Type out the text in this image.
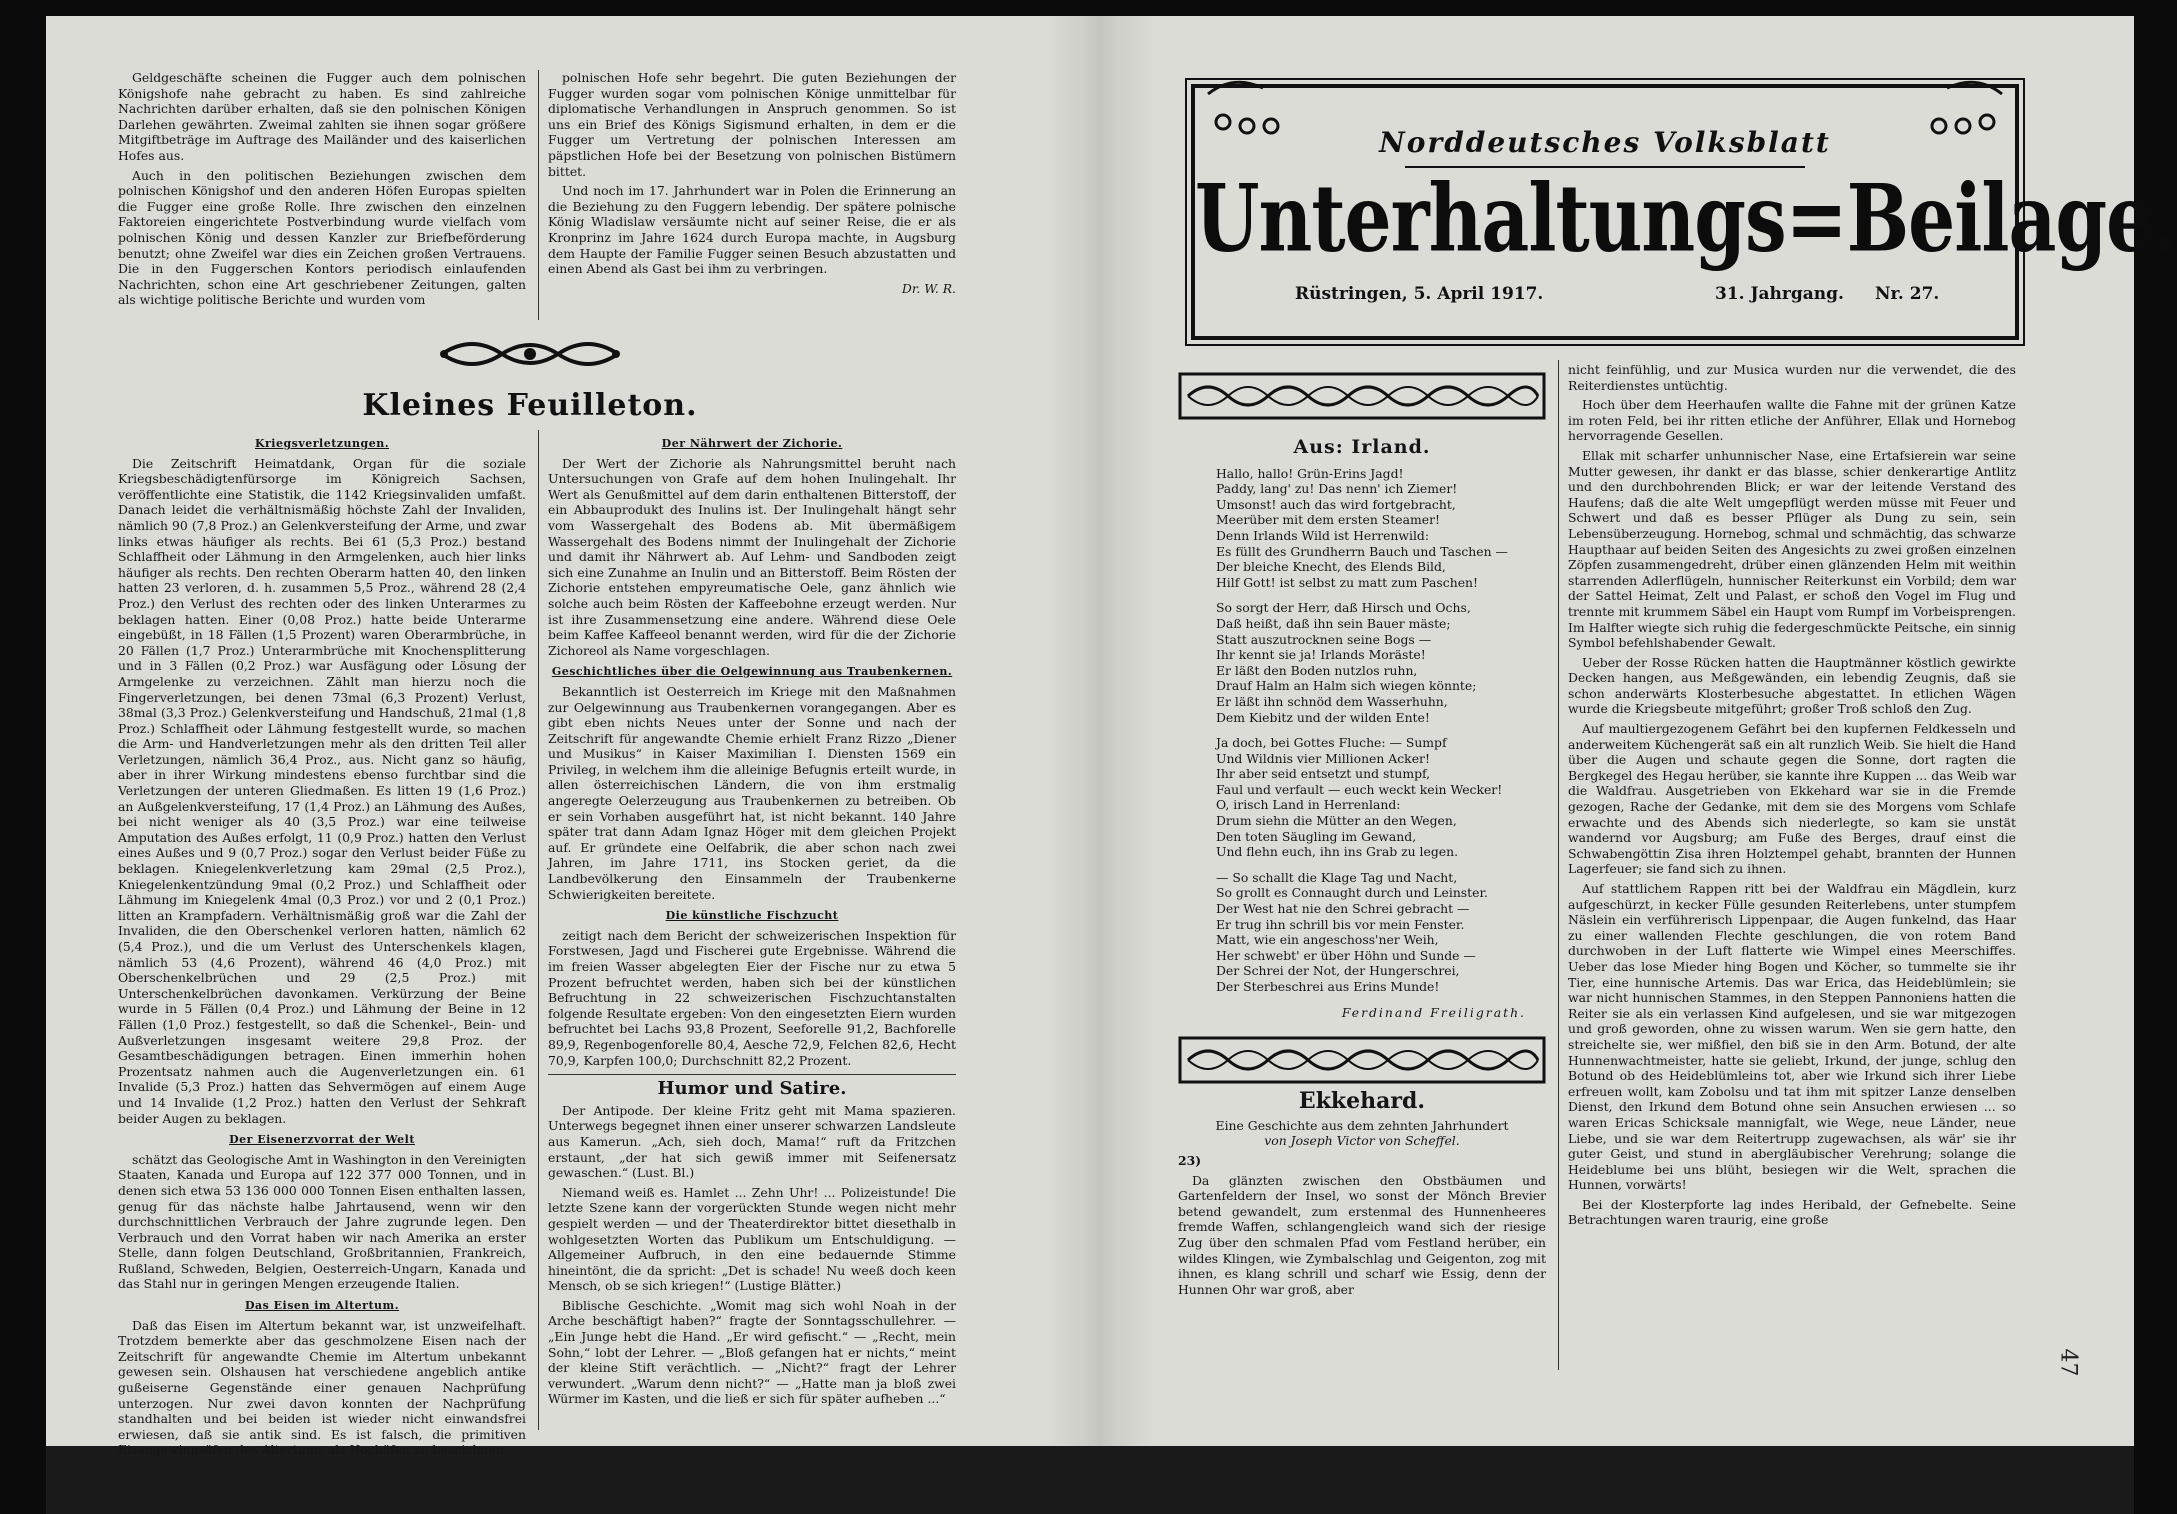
Geldgeschäfte scheinen die Fugger auch dem polnischen Königshofe nahe gebracht zu haben. Es sind zahlreiche Nachrichten darüber erhalten, daß sie den polnischen Königen Darlehen gewährten. Zweimal zahlten sie ihnen sogar größere Mitgiftbeträge im Auftrage des Mailänder und des kaiserlichen Hofes aus.

Auch in den politischen Beziehungen zwischen dem polnischen Königshof und den anderen Höfen Europas spielten die Fugger eine große Rolle. Ihre zwischen den einzelnen Faktoreien eingerichtete Postverbindung wurde vielfach vom polnischen König und dessen Kanzler zur Briefbeförderung benutzt; ohne Zweifel war dies ein Zeichen großen Vertrauens. Die in den Fuggerschen Kontors periodisch einlaufenden Nachrichten, schon eine Art geschriebener Zeitungen, galten als wichtige politische Berichte und wurden vom

polnischen Hofe sehr begehrt. Die guten Beziehungen der Fugger wurden sogar vom polnischen Könige unmittelbar für diplomatische Verhandlungen in Anspruch genommen. So ist uns ein Brief des Königs Sigismund erhalten, in dem er die Fugger um Vertretung der polnischen Interessen am päpstlichen Hofe bei der Besetzung von polnischen Bistümern bittet.

Und noch im 17. Jahrhundert war in Polen die Erinnerung an die Beziehung zu den Fuggern lebendig. Der spätere polnische König Wladislaw versäumte nicht auf seiner Reise, die er als Kronprinz im Jahre 1624 durch Europa machte, in Augsburg dem Haupte der Familie Fugger seinen Besuch abzustatten und einen Abend als Gast bei ihm zu verbringen.

Dr. W. R.
Kleines Feuilleton.
Kriegsverletzungen.

Die Zeitschrift Heimatdank, Organ für die soziale Kriegsbeschädigtenfürsorge im Königreich Sachsen, veröffentlichte eine Statistik, die 1142 Kriegsinvaliden umfaßt. Danach leidet die verhältnismäßig höchste Zahl der Invaliden, nämlich 90 (7,8 Proz.) an Gelenkversteifung der Arme, und zwar links etwas häufiger als rechts. Bei 61 (5,3 Proz.) bestand Schlaffheit oder Lähmung in den Armgelenken, auch hier links häufiger als rechts. Den rechten Oberarm hatten 40, den linken hatten 23 verloren, d. h. zusammen 5,5 Proz., während 28 (2,4 Proz.) den Verlust des rechten oder des linken Unterarmes zu beklagen hatten. Einer (0,08 Proz.) hatte beide Unterarme eingebüßt, in 18 Fällen (1,5 Prozent) waren Oberarmbrüche, in 20 Fällen (1,7 Proz.) Unterarmbrüche mit Knochensplitterung und in 3 Fällen (0,2 Proz.) war Ausfägung oder Lösung der Armgelenke zu verzeichnen. Zählt man hierzu noch die Fingerverletzungen, bei denen 73mal (6,3 Prozent) Verlust, 38mal (3,3 Proz.) Gelenkversteifung und Handschuß, 21mal (1,8 Proz.) Schlaffheit oder Lähmung festgestellt wurde, so machen die Arm- und Handverletzungen mehr als den dritten Teil aller Verletzungen, nämlich 36,4 Proz., aus. Nicht ganz so häufig, aber in ihrer Wirkung mindestens ebenso furchtbar sind die Verletzungen der unteren Gliedmaßen. Es litten 19 (1,6 Proz.) an Außgelenkversteifung, 17 (1,4 Proz.) an Lähmung des Außes, bei nicht weniger als 40 (3,5 Proz.) war eine teilweise Amputation des Außes erfolgt, 11 (0,9 Proz.) hatten den Verlust eines Außes und 9 (0,7 Proz.) sogar den Verlust beider Füße zu beklagen. Kniegelenkverletzung kam 29mal (2,5 Proz.), Kniegelenkentzündung 9mal (0,2 Proz.) und Schlaffheit oder Lähmung im Kniegelenk 4mal (0,3 Proz.) vor und 2 (0,1 Proz.) litten an Krampfadern. Verhältnismäßig groß war die Zahl der Invaliden, die den Oberschenkel verloren hatten, nämlich 62 (5,4 Proz.), und die um Verlust des Unterschenkels klagen, nämlich 53 (4,6 Prozent), während 46 (4,0 Proz.) mit Oberschenkelbrüchen und 29 (2,5 Proz.) mit Unterschenkelbrüchen davonkamen. Verkürzung der Beine wurde in 5 Fällen (0,4 Proz.) und Lähmung der Beine in 12 Fällen (1,0 Proz.) festgestellt, so daß die Schenkel-, Bein- und Außverletzungen insgesamt weitere 29,8 Proz. der Gesamtbeschädigungen betragen. Einen immerhin hohen Prozentsatz nahmen auch die Augenverletzungen ein. 61 Invalide (5,3 Proz.) hatten das Sehvermögen auf einem Auge und 14 Invalide (1,2 Proz.) hatten den Verlust der Sehkraft beider Augen zu beklagen.

Der Eisenerzvorrat der Welt

schätzt das Geologische Amt in Washington in den Vereinigten Staaten, Kanada und Europa auf 122 377 000 Tonnen, und in denen sich etwa 53 136 000 000 Tonnen Eisen enthalten lassen, genug für das nächste halbe Jahrtausend, wenn wir den durchschnittlichen Verbrauch der Jahre zugrunde legen. Den Verbrauch und den Vorrat haben wir nach Amerika an erster Stelle, dann folgen Deutschland, Großbritannien, Frankreich, Rußland, Schweden, Belgien, Oesterreich-Ungarn, Kanada und das Stahl nur in geringen Mengen erzeugende Italien.

Das Eisen im Altertum.

Daß das Eisen im Altertum bekannt war, ist unzweifelhaft. Trotzdem bemerkte aber das geschmolzene Eisen nach der Zeitschrift für angewandte Chemie im Altertum unbekannt gewesen sein. Olshausen hat verschiedene angeblich antike gußeiserne Gegenstände einer genauen Nachprüfung unterzogen. Nur zwei davon konnten der Nachprüfung standhalten und bei beiden ist wieder nicht einwandsfrei erwiesen, daß sie antik sind. Es ist falsch, die primitiven Eisengewinnsöfen des Altertums als Hochöfen zu bezeichnen.

Der Nährwert der Zichorie.

Der Wert der Zichorie als Nahrungsmittel beruht nach Untersuchungen von Grafe auf dem hohen Inulingehalt. Ihr Wert als Genußmittel auf dem darin enthaltenen Bitterstoff, der ein Abbauprodukt des Inulins ist. Der Inulingehalt hängt sehr vom Wassergehalt des Bodens ab. Mit übermäßigem Wassergehalt des Bodens nimmt der Inulingehalt der Zichorie und damit ihr Nährwert ab. Auf Lehm- und Sandboden zeigt sich eine Zunahme an Inulin und an Bitterstoff. Beim Rösten der Zichorie entstehen empyreumatische Oele, ganz ähnlich wie solche auch beim Rösten der Kaffeebohne erzeugt werden. Nur ist ihre Zusammensetzung eine andere. Während diese Oele beim Kaffee Kaffeeol benannt werden, wird für die der Zichorie Zichoreol als Name vorgeschlagen.

Geschichtliches über die Oelgewinnung aus Traubenkernen.

Bekanntlich ist Oesterreich im Kriege mit den Maßnahmen zur Oelgewinnung aus Traubenkernen vorangegangen. Aber es gibt eben nichts Neues unter der Sonne und nach der Zeitschrift für angewandte Chemie erhielt Franz Rizzo „Diener und Musikus“ in Kaiser Maximilian I. Diensten 1569 ein Privileg, in welchem ihm die alleinige Befugnis erteilt wurde, in allen österreichischen Ländern, die von ihm erstmalig angeregte Oelerzeugung aus Traubenkernen zu betreiben. Ob er sein Vorhaben ausgeführt hat, ist nicht bekannt. 140 Jahre später trat dann Adam Ignaz Höger mit dem gleichen Projekt auf. Er gründete eine Oelfabrik, die aber schon nach zwei Jahren, im Jahre 1711, ins Stocken geriet, da die Landbevölkerung den Einsammeln der Traubenkerne Schwierigkeiten bereitete.

Die künstliche Fischzucht

zeitigt nach dem Bericht der schweizerischen Inspektion für Forstwesen, Jagd und Fischerei gute Ergebnisse. Während die im freien Wasser abgelegten Eier der Fische nur zu etwa 5 Prozent befruchtet werden, haben sich bei der künstlichen Befruchtung in 22 schweizerischen Fischzuchtanstalten folgende Resultate ergeben: Von den eingesetzten Eiern wurden befruchtet bei Lachs 93,8 Prozent, Seeforelle 91,2, Bachforelle 89,9, Regenbogenforelle 80,4, Aesche 72,9, Felchen 82,6, Hecht 70,9, Karpfen 100,0; Durchschnitt 82,2 Prozent.

Humor und Satire.

Der Antipode. Der kleine Fritz geht mit Mama spazieren. Unterwegs begegnet ihnen einer unserer schwarzen Landsleute aus Kamerun. „Ach, sieh doch, Mama!“ ruft da Fritzchen erstaunt, „der hat sich gewiß immer mit Seifenersatz gewaschen.“ (Lust. Bl.)

Niemand weiß es. Hamlet ... Zehn Uhr! ... Polizeistunde! Die letzte Szene kann der vorgerückten Stunde wegen nicht mehr gespielt werden — und der Theaterdirektor bittet diesethalb in wohlgesetzten Worten das Publikum um Entschuldigung. — Allgemeiner Aufbruch, in den eine bedauernde Stimme hineintönt, die da spricht: „Det is schade! Nu weeß doch keen Mensch, ob se sich kriegen!“ (Lustige Blätter.)

Biblische Geschichte. „Womit mag sich wohl Noah in der Arche beschäftigt haben?“ fragte der Sonntagsschullehrer. — „Ein Junge hebt die Hand. „Er wird gefischt.“ — „Recht, mein Sohn,“ lobt der Lehrer. — „Bloß gefangen hat er nichts,“ meint der kleine Stift verächtlich. — „Nicht?“ fragt der Lehrer verwundert. „Warum denn nicht?“ — „Hatte man ja bloß zwei Würmer im Kasten, und die ließ er sich für später aufheben ...“

Norddeutsches Volksblatt
Unterhaltungs=Beilage.
Rüstringen, 5. April 1917.	31. Jahrgang. Nr. 27.
Aus: Irland.
Hallo, hallo! Grün-Erins Jagd!
Paddy, lang' zu! Das nenn' ich Ziemer!
Umsonst! auch das wird fortgebracht,
Meerüber mit dem ersten Steamer!
Denn Irlands Wild ist Herrenwild:
Es füllt des Grundherrn Bauch und Taschen —
Der bleiche Knecht, des Elends Bild,
Hilf Gott! ist selbst zu matt zum Paschen!
So sorgt der Herr, daß Hirsch und Ochs,
Daß heißt, daß ihn sein Bauer mäste;
Statt auszutrocknen seine Bogs —
Ihr kennt sie ja! Irlands Moräste!
Er läßt den Boden nutzlos ruhn,
Drauf Halm an Halm sich wiegen könnte;
Er läßt ihn schnöd dem Wasserhuhn,
Dem Kiebitz und der wilden Ente!
Ja doch, bei Gottes Fluche: — Sumpf
Und Wildnis vier Millionen Acker!
Ihr aber seid entsetzt und stumpf,
Faul und verfault — euch weckt kein Wecker!
O, irisch Land in Herrenland:
Drum siehn die Mütter an den Wegen,
Den toten Säugling im Gewand,
Und flehn euch, ihn ins Grab zu legen.
— So schallt die Klage Tag und Nacht,
So grollt es Connaught durch und Leinster.
Der West hat nie den Schrei gebracht —
Er trug ihn schrill bis vor mein Fenster.
Matt, wie ein angeschoss'ner Weih,
Her schwebt' er über Höhn und Sunde —
Der Schrei der Not, der Hungerschrei,
Der Sterbeschrei aus Erins Munde!
Ferdinand Freiligrath.
Ekkehard.

Eine Geschichte aus dem zehnten Jahrhundert

von Joseph Victor von Scheffel.

23)

Da glänzten zwischen den Obstbäumen und Gartenfeldern der Insel, wo sonst der Mönch Brevier betend gewandelt, zum erstenmal des Hunnenheeres fremde Waffen, schlangengleich wand sich der riesige Zug über den schmalen Pfad vom Festland herüber, ein wildes Klingen, wie Zymbalschlag und Geigenton, zog mit ihnen, es klang schrill und scharf wie Essig, denn der Hunnen Ohr war groß, aber

nicht feinfühlig, und zur Musica wurden nur die verwendet, die des Reiterdienstes untüchtig.

Hoch über dem Heerhaufen wallte die Fahne mit der grünen Katze im roten Feld, bei ihr ritten etliche der Anführer, Ellak und Hornebog hervorragende Gesellen.

Ellak mit scharfer unhunnischer Nase, eine Ertafsierein war seine Mutter gewesen, ihr dankt er das blasse, schier denkerartige Antlitz und den durchbohrenden Blick; er war der leitende Verstand des Haufens; daß die alte Welt umgepflügt werden müsse mit Feuer und Schwert und daß es besser Pflüger als Dung zu sein, sein Lebensüberzeugung. Hornebog, schmal und schmächtig, das schwarze Haupthaar auf beiden Seiten des Angesichts zu zwei großen einzelnen Zöpfen zusammengedreht, drüber einen glänzenden Helm mit weithin starrenden Adlerflügeln, hunnischer Reiterkunst ein Vorbild; dem war der Sattel Heimat, Zelt und Palast, er schoß den Vogel im Flug und trennte mit krummem Säbel ein Haupt vom Rumpf im Vorbeisprengen. Im Halfter wiegte sich ruhig die federgeschmückte Peitsche, ein sinnig Symbol befehlshabender Gewalt.

Ueber der Rosse Rücken hatten die Hauptmänner köstlich gewirkte Decken hangen, aus Meßgewänden, ein lebendig Zeugnis, daß sie schon anderwärts Klosterbesuche abgestattet. In etlichen Wägen wurde die Kriegsbeute mitgeführt; großer Troß schloß den Zug.

Auf maultiergezogenem Gefährt bei den kupfernen Feldkesseln und anderweitem Küchengerät saß ein alt runzlich Weib. Sie hielt die Hand über die Augen und schaute gegen die Sonne, dort ragten die Bergkegel des Hegau herüber, sie kannte ihre Kuppen ... das Weib war die Waldfrau. Ausgetrieben von Ekkehard war sie in die Fremde gezogen, Rache der Gedanke, mit dem sie des Morgens vom Schlafe erwachte und des Abends sich niederlegte, so kam sie unstät wandernd vor Augsburg; am Fuße des Berges, drauf einst die Schwabengöttin Zisa ihren Holztempel gehabt, brannten der Hunnen Lagerfeuer; sie fand sich zu ihnen.

Auf stattlichem Rappen ritt bei der Waldfrau ein Mägdlein, kurz aufgeschürzt, in kecker Fülle gesunden Reiterlebens, unter stumpfem Näslein ein verführerisch Lippenpaar, die Augen funkelnd, das Haar zu einer wallenden Flechte geschlungen, die von rotem Band durchwoben in der Luft flatterte wie Wimpel eines Meerschiffes. Ueber das lose Mieder hing Bogen und Köcher, so tummelte sie ihr Tier, eine hunnische Artemis. Das war Erica, das Heideblümlein; sie war nicht hunnischen Stammes, in den Steppen Pannoniens hatten die Reiter sie als ein verlassen Kind aufgelesen, und sie war mitgezogen und groß geworden, ohne zu wissen warum. Wen sie gern hatte, den streichelte sie, wer mißfiel, den biß sie in den Arm. Botund, der alte Hunnenwachtmeister, hatte sie geliebt, Irkund, der junge, schlug den Botund ob des Heideblümleins tot, aber wie Irkund sich ihrer Liebe erfreuen wollt, kam Zobolsu und tat ihm mit spitzer Lanze denselben Dienst, den Irkund dem Botund ohne sein Ansuchen erwiesen ... so waren Ericas Schicksale mannigfalt, wie Wege, neue Länder, neue Liebe, und sie war dem Reitertrupp zugewachsen, als wär' sie ihr guter Geist, und stund in abergläubischer Verehrung; solange die Heideblume bei uns blüht, besiegen wir die Welt, sprachen die Hunnen, vorwärts!

Bei der Klosterpforte lag indes Heribald, der Gefnebelte. Seine Betrachtungen waren traurig, eine große

47
